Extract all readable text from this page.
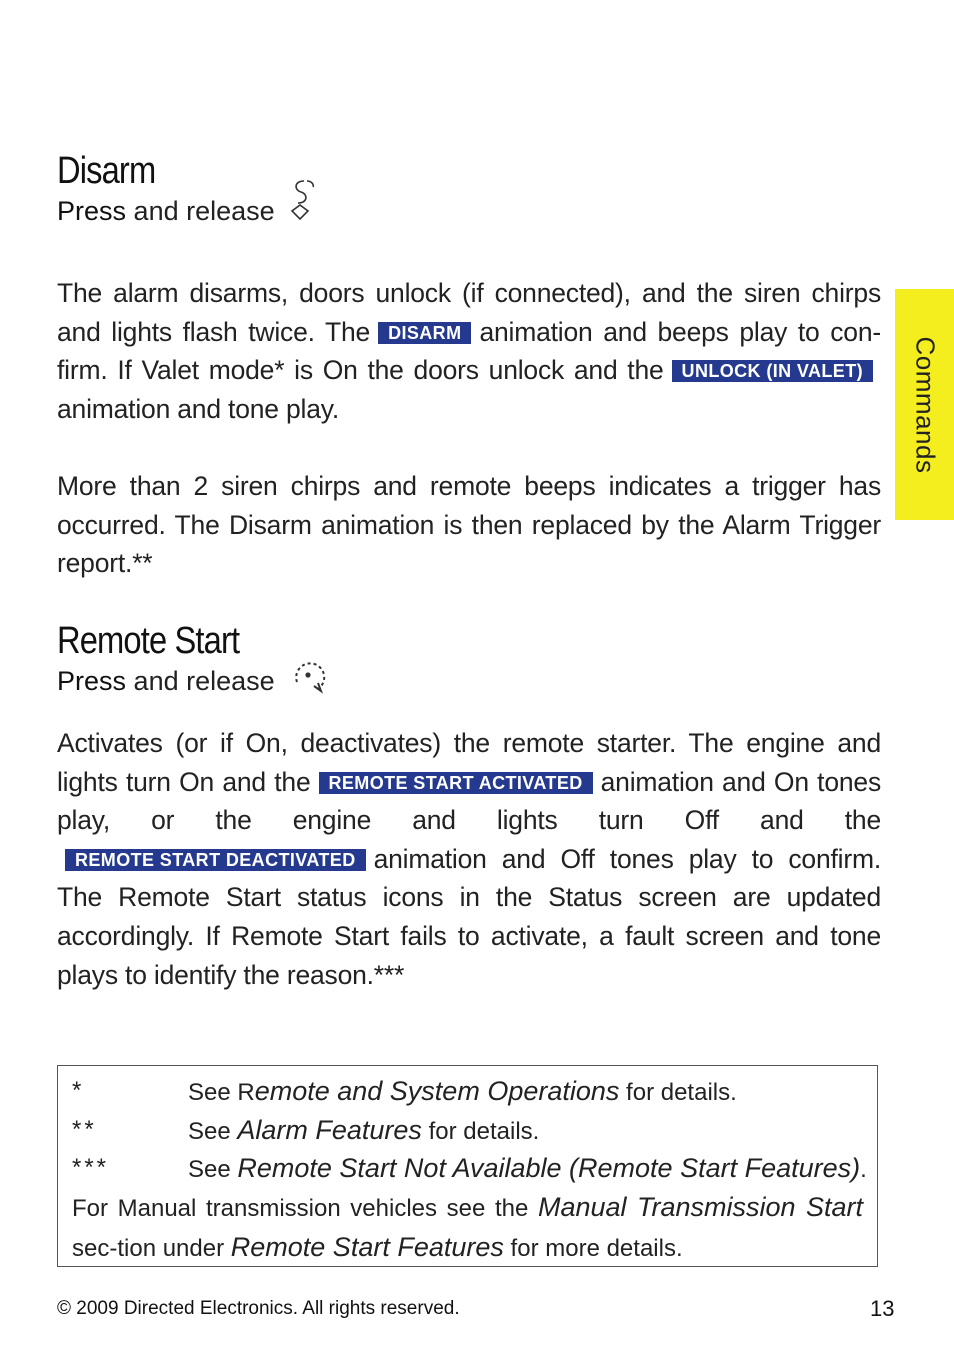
Disarm
Press and release

The alarm disarms, doors unlock (if connected), and the siren chirps and lights flash twice. The DISARM animation and beeps play to con-firm. If Valet mode* is On the doors unlock and the UNLOCK (IN VALET)animation and tone play.

More than 2 siren chirps and remote beeps indicates a trigger has occurred. The Disarm animation is then replaced by the Alarm Trigger report.**

Remote Start
Press and release

Activates (or if On, deactivates) the remote starter. The engine and lights turn On and the REMOTE START ACTIVATED animation and On tones play, or the engine and lights turn Off and theREMOTE START DEACTIVATED animation and Off tones play to confirm. The Remote Start status icons in the Status screen are updated accordingly. If Remote Start fails to activate, a fault screen and tone plays to identify the reason.***

Commands
*	See Remote and System Operations for details.
**	See Alarm Features for details.
***	See Remote Start Not Available (Remote Start Features).
For Manual transmission vehicles see the Manual Transmission Start sec-tion under Remote Start Features for more details.
© 2009 Directed Electronics. All rights reserved.	13
